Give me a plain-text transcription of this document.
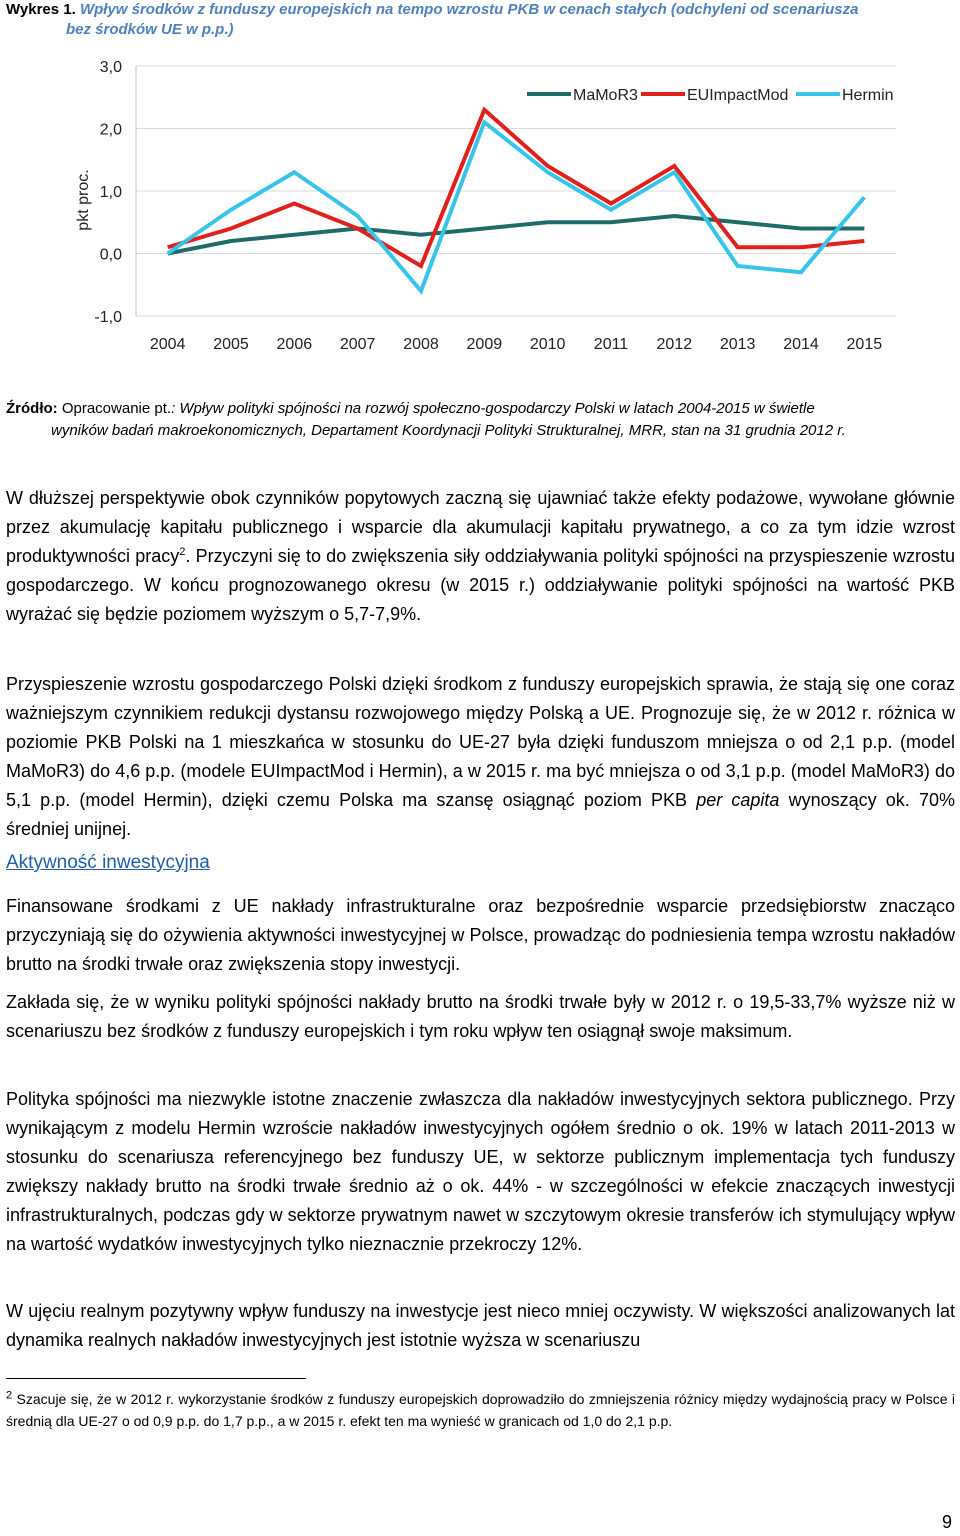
Wykres 1. Wpływ środków z funduszy europejskich na tempo wzrostu PKB w cenach stałych (odchyleni od scenariusza
bez środków UE w p.p.)
3,0
2,0
1,0
0,0
-1,0
pkt proc.
2004 2005 2006 2007 2008 2009 2010 2011 2012 2013 2014 2015
MaMoR3	EUImpactMod	Hermin
Źródło: Opracowanie pt.: Wpływ polityki spójności na rozwój społeczno-gospodarczy Polski w latach 2004-2015 w świetle
wyników badań makroekonomicznych, Departament Koordynacji Polityki Strukturalnej, MRR, stan na 31 grudnia 2012 r.
W dłuższej perspektywie obok czynników popytowych zaczną się ujawniać także efekty podażowe, wywołane głównie przez akumulację kapitału publicznego i wsparcie dla akumulacji kapitału prywatnego, a co za tym idzie wzrost produktywności pracy$^2$. Przyczyni się to do zwiększenia siły oddziaływania polityki spójności na przyspieszenie wzrostu gospodarczego. W końcu prognozowanego okresu (w 2015 r.) oddziaływanie polityki spójności na wartość PKB wyrażać się będzie poziomem wyższym o 5,7-7,9%.
Przyspieszenie wzrostu gospodarczego Polski dzięki środkom z funduszy europejskich sprawia, że stają się one coraz ważniejszym czynnikiem redukcji dystansu rozwojowego między Polską a UE. Prognozuje się, że w 2012 r. różnica w poziomie PKB Polski na 1 mieszkańca w stosunku do UE-27 była dzięki funduszom mniejsza o od 2,1 p.p. (model MaMoR3) do 4,6 p.p. (modele EUImpactMod i Hermin), a w 2015 r. ma być mniejsza o od 3,1 p.p. (model MaMoR3) do 5,1 p.p. (model Hermin), dzięki czemu Polska ma szansę osiągnąć poziom PKB per capita wynoszący ok. 70% średniej unijnej.
Aktywność inwestycyjna
Finansowane środkami z UE nakłady infrastrukturalne oraz bezpośrednie wsparcie przedsiębiorstw znacząco przyczyniają się do ożywienia aktywności inwestycyjnej w Polsce, prowadząc do podniesienia tempa wzrostu nakładów brutto na środki trwałe oraz zwiększenia stopy inwestycji.
Zakłada się, że w wyniku polityki spójności nakłady brutto na środki trwałe były w 2012 r. o 19,5-33,7% wyższe niż w scenariuszu bez środków z funduszy europejskich i tym roku wpływ ten osiągnął swoje maksimum.
Polityka spójności ma niezwykle istotne znaczenie zwłaszcza dla nakładów inwestycyjnych sektora publicznego. Przy wynikającym z modelu Hermin wzroście nakładów inwestycyjnych ogółem średnio o ok. 19% w latach 2011-2013 w stosunku do scenariusza referencyjnego bez funduszy UE, w sektorze publicznym implementacja tych funduszy zwiększy nakłady brutto na środki trwałe średnio aż o ok. 44% - w szczególności w efekcie znaczących inwestycji infrastrukturalnych, podczas gdy w sektorze prywatnym nawet w szczytowym okresie transferów ich stymulujący wpływ na wartość wydatków inwestycyjnych tylko nieznacznie przekroczy 12%.
W ujęciu realnym pozytywny wpływ funduszy na inwestycje jest nieco mniej oczywisty. W większości analizowanych lat dynamika realnych nakładów inwestycyjnych jest istotnie wyższa w scenariuszu
$^2$ Szacuje się, że w 2012 r. wykorzystanie środków z funduszy europejskich doprowadziło do zmniejszenia różnicy między wydajnością pracy w Polsce i średnią dla UE-27 o od 0,9 p.p. do 1,7 p.p., a w 2015 r. efekt ten ma wynieść w granicach od 1,0 do 2,1 p.p.
9
